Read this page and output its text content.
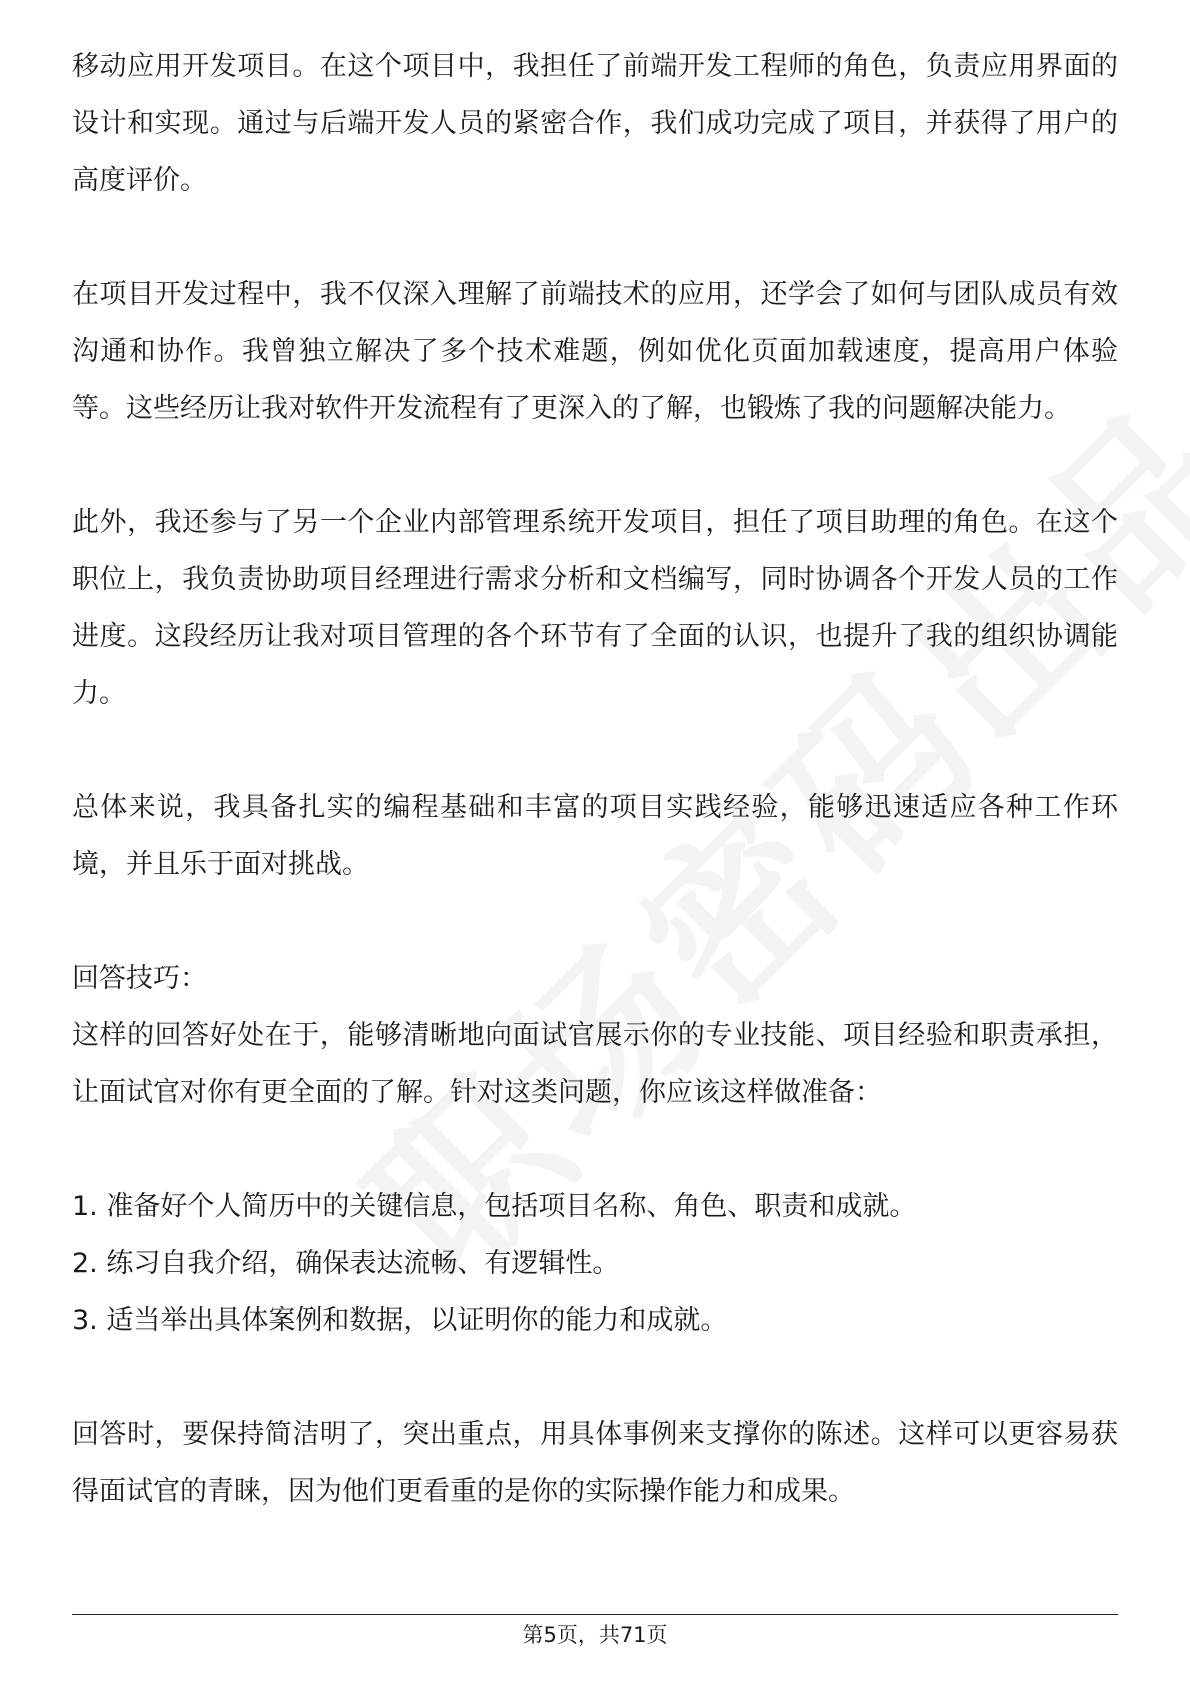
移动应用开发项目。在这个项目中，我担任了前端开发工程师的角色，负责应用界面的设计和实现。通过与后端开发人员的紧密合作，我们成功完成了项目，并获得了用户的高度评价。

在项目开发过程中，我不仅深入理解了前端技术的应用，还学会了如何与团队成员有效沟通和协作。我曾独立解决了多个技术难题，例如优化页面加载速度，提高用户体验等。这些经历让我对软件开发流程有了更深入的了解，也锻炼了我的问题解决能力。

此外，我还参与了另一个企业内部管理系统开发项目，担任了项目助理的角色。在这个职位上，我负责协助项目经理进行需求分析和文档编写，同时协调各个开发人员的工作进度。这段经历让我对项目管理的各个环节有了全面的认识，也提升了我的组织协调能力。

总体来说，我具备扎实的编程基础和丰富的项目实践经验，能够迅速适应各种工作环境，并且乐于面对挑战。

回答技巧：

这样的回答好处在于，能够清晰地向面试官展示你的专业技能、项目经验和职责承担，让面试官对你有更全面的了解。针对这类问题，你应该这样做准备：

1. 准备好个人简历中的关键信息，包括项目名称、角色、职责和成就。

2. 练习自我介绍，确保表达流畅、有逻辑性。

3. 适当举出具体案例和数据，以证明你的能力和成就。

回答时，要保持简洁明了，突出重点，用具体事例来支撑你的陈述。这样可以更容易获得面试官的青睐，因为他们更看重的是你的实际操作能力和成果。

第5页，共71页
